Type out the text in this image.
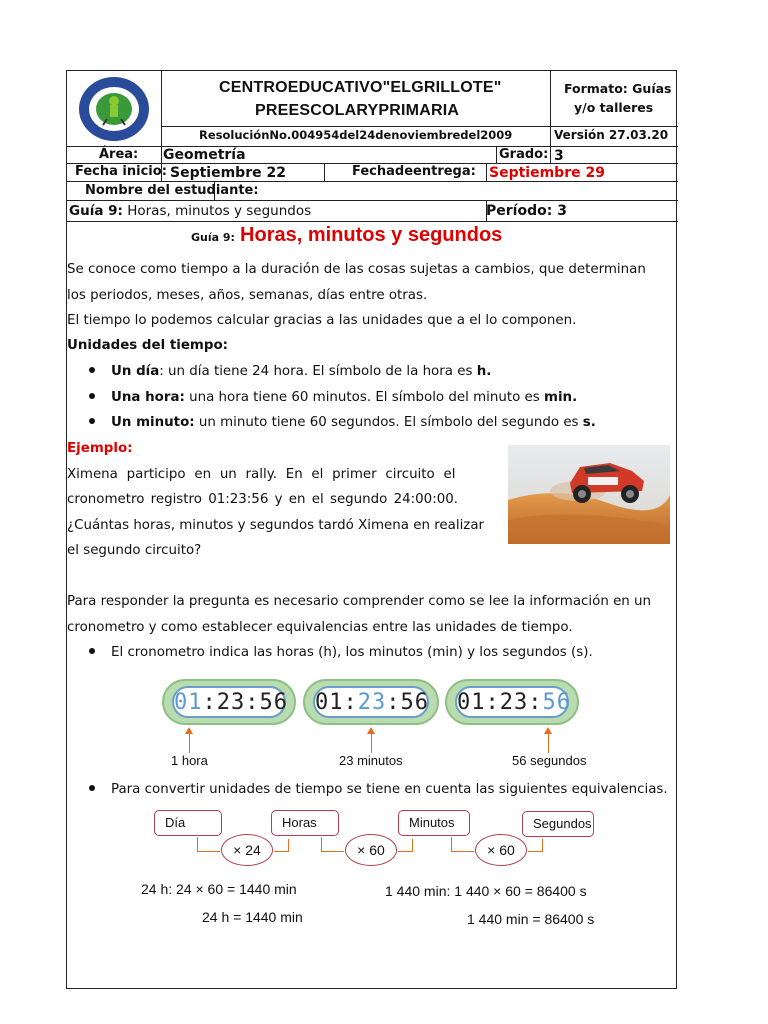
CENTROEDUCATIVO"ELGRILLOTE"
PREESCOLARYPRIMARIA
Formato: Guías
y/o talleres
ResoluciónNo.004954del24denoviembredel2009	Versión 27.03.20
Área: Geometría	Grado: 3
Fecha inicio: Septiembre 22	Fechadeentrega: Septiembre 29
Nombre del estudiante:
Guía 9: Horas, minutos y segundos	Período: 3
Guía 9: Horas, minutos y segundos
Se conoce como tiempo a la duración de las cosas sujetas a cambios, que determinan
los periodos, meses, años, semanas, días entre otras.
El tiempo lo podemos calcular gracias a las unidades que a el lo componen.
Unidades del tiempo:
Un día: un día tiene 24 hora. El símbolo de la hora es h.
Una hora: una hora tiene 60 minutos. El símbolo del minuto es min.
Un minuto: un minuto tiene 60 segundos. El símbolo del segundo es s.
Ejemplo:
Ximena participo en un rally. En el primer circuito el
cronometro registro 01:23:56 y en el segundo 24:00:00.
¿Cuántas horas, minutos y segundos tardó Ximena en realizar
el segundo circuito?
Para responder la pregunta es necesario comprender como se lee la información en un
cronometro y como establecer equivalencias entre las unidades de tiempo.
El cronometro indica las horas (h), los minutos (min) y los segundos (s).
01:23:56 01:23:56 01:23:56
1 hora	23 minutos	56 segundos
Para convertir unidades de tiempo se tiene en cuenta las siguientes equivalencias.
Día	Horas	Minutos	Segundos
× 24	× 60	× 60
24 h: 24 × 60 = 1440 min
24 h = 1440 min
1 440 min: 1 440 × 60 = 86400 s
1 440 min = 86400 s
